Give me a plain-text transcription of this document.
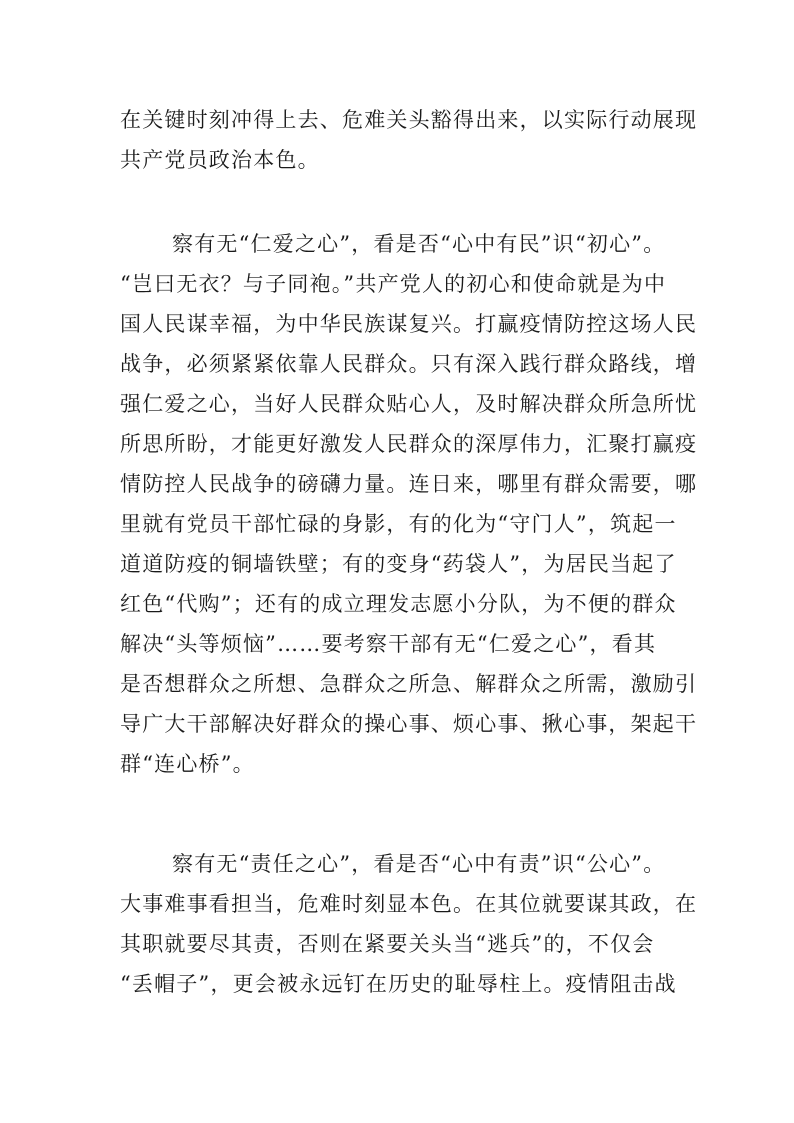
在关键时刻冲得上去、危难关头豁得出来，以实际行动展现
共产党员政治本色。
察有无“仁爱之心”，看是否“心中有民”识“初心”。
“岂曰无衣？与子同袍。”共产党人的初心和使命就是为中
国人民谋幸福，为中华民族谋复兴。打赢疫情防控这场人民
战争，必须紧紧依靠人民群众。只有深入践行群众路线，增
强仁爱之心，当好人民群众贴心人，及时解决群众所急所忧
所思所盼，才能更好激发人民群众的深厚伟力，汇聚打赢疫
情防控人民战争的磅礴力量。连日来，哪里有群众需要，哪
里就有党员干部忙碌的身影，有的化为“守门人”，筑起一
道道防疫的铜墙铁壁；有的变身“药袋人”，为居民当起了
红色“代购”；还有的成立理发志愿小分队，为不便的群众
解决“头等烦恼”……要考察干部有无“仁爱之心”，看其
是否想群众之所想、急群众之所急、解群众之所需，激励引
导广大干部解决好群众的操心事、烦心事、揪心事，架起干
群“连心桥”。
察有无“责任之心”，看是否“心中有责”识“公心”。
大事难事看担当，危难时刻显本色。在其位就要谋其政，在
其职就要尽其责，否则在紧要关头当“逃兵”的，不仅会
“丢帽子”，更会被永远钉在历史的耻辱柱上。疫情阻击战
